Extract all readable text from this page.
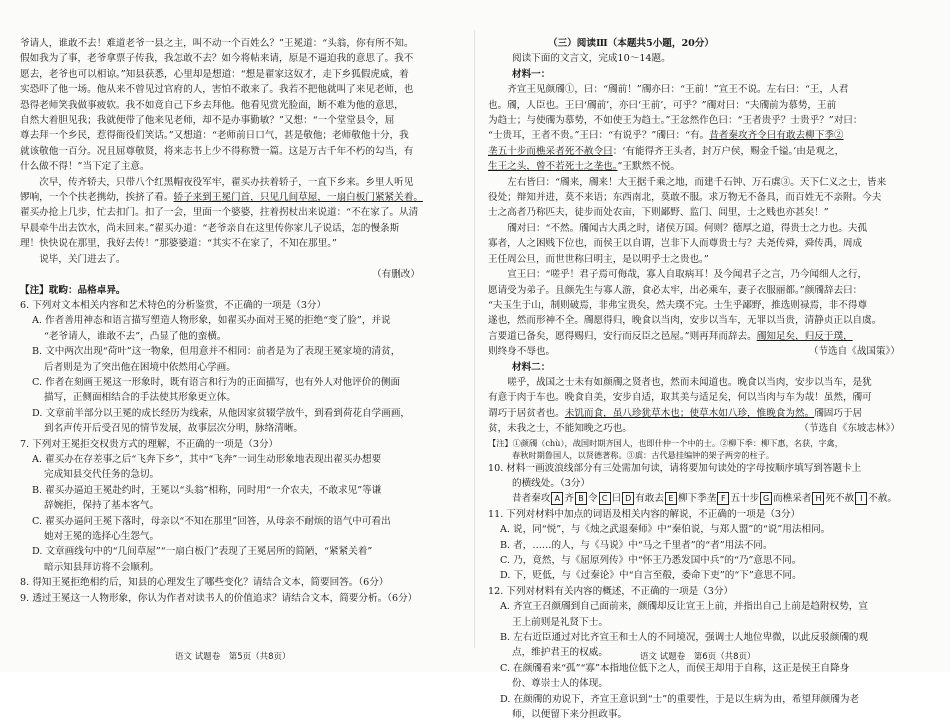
爷请人，谁敢不去！难道老爷一县之主，叫不动一个百姓么？”王冕道：“头翁，你有所不知。
假如我为了事，老爷拿票子传我，我怎敢不去？如今将帖来请，原是不逼迫我的意思了。我不
愿去，老爷也可以相谅。”知县获悉，心里却是想道：“想是翟家这奴才，走下乡狐假虎威，着
实恐吓了他一场。他从来不曾见过官府的人，害怕不敢来了。我若不把他就叫了来见老师，也
恐得老师笑我做事疲软。我不如竟自己下乡去拜他。他看见赏光脸面，断不难为他的意思，
自然大着胆见我；我就便带了他来见老师，却不是办事勤敏？”又想：“一个堂堂县令，屈
尊去拜一个乡民，惹得衙役们笑话。”又想道：“老师前日口气，甚是敬他；老师敬他十分，我
就该敬他一百分。况且屈尊敬贤，将来志书上少不得称赞一篇。这是万古千年不朽的勾当，有
什么做不得！”当下定了主意。
次早，传齐轿夫，只带八个红黑帽夜役军牢，翟买办扶着轿子，一直下乡来。乡里人听见
锣响，一个个扶老携幼，挨挤了看。轿子来到王冕门首，只见几间草屋，一扇白板门紧紧关着。
翟买办抢上几步，忙去扣门。扣了一会，里面一个婆婆，拄着拐杖出来说道：“不在家了。从清
早晨牵牛出去饮水，尚未回来。”翟买办道：“老爷亲自在这里传你家儿子说话，怎的慢条斯
理！快快说在那里，我好去传！”那婆婆道：“其实不在家了，不知在那里。”
说毕，关门进去了。
（有删改）
【注】耽畇：品格卓异。
6. 下列对文本相关内容和艺术特色的分析鉴赏，不正确的一项是（3分）
A. 作者善用神态和语言描写塑造人物形象，如翟买办面对王冕的拒绝“变了脸”，并说
“老爷请人，谁敢不去”，凸显了他的蛮横。
B. 文中两次出现“荷叶”这一物象，但用意并不相同：前者是为了表现王冕家境的清贫，
后者则是为了突出他在困境中依然用心学画。
C. 作者在刻画王冕这一形象时，既有语言和行为的正面描写，也有外人对他评价的侧面
描写，正侧面相结合的手法使其形象更立体。
D. 文章前半部分以王冕的成长经历为线索，从他因家贫辍学放牛，到看到荷花自学画画，
到名声传开后受召见的情节发展，故事层次分明，脉络清晰。
7. 下列对王冕拒交权贵方式的理解，不正确的一项是（3分）
A. 翟买办在存差事之后“飞奔下乡”，其中“飞奔”一词生动形象地表现出翟买办想要
完成知县交代任务的急切。
B. 翟买办逼迫王冕赴约时，王冕以“头翁”相称，同时用“一介农夫，不敢求见”等谦
辞婉拒，保持了基本客气。
C. 翟买办逼问王冕下落时，母亲以“不知在那里”回答，从母亲不耐烦的语气中可看出
她对王冕的选择心生怨气。
D. 文章画线句中的“几间草屋”“一扇白板门”表现了王冕居所的简陋，“紧紧关着”
暗示知县拜访将不会顺利。
8. 得知王冕拒绝相约后，知县的心理发生了哪些变化？请结合文本，简要回答。（6分）
9. 透过王冕这一人物形象，你认为作者对读书人的价值追求？请结合文本，简要分析。（6分）
语文 试题卷　第5页（共8页）
（三）阅读Ⅲ（本题共5小题，20分）
阅读下面的文言文，完成10～14题。
材料一：
齐宣王见颜斶①，曰：“斶前！”斶亦曰：“王前！”宣王不说。左右曰：“王，人君
也。斶，人臣也。王曰‘斶前’，亦曰‘王前’，可乎？”斶对曰：“夫斶前为慕势，王前
为趋士；与使斶为慕势，不如使王为趋士。”王忿然作色曰：“王者贵乎？士贵乎？”对曰：
“士贵耳，王者不贵。”王曰：“有说乎？”斶曰：“有。昔者秦攻齐令曰有敢去柳下季②
垄五十步而樵采者死不赦令曰：‘有能得齐王头者，封万户侯，赐金千镒。’由是观之，
生王之头，曾不若死士之垄也。”王默然不悦。
左右皆曰：“斶来，斶来！大王据千乘之地，而建千石钟、万石虡③。天下仁义之士，皆来
役处；辩知并进，莫不来语；东西南北，莫敢不服。求万物无不备具，而百姓无不亲附。今夫
士之高者乃称匹夫，徒步而处农亩，下则鄙野、监门、闾里，士之贱也亦甚矣！”
斶对曰：“不然。斶闻古大禹之时，诸侯万国。何则？德厚之道，得贵士之力也。夫孤
寡者，人之困贱下位也，而侯王以自谓，岂非下人而尊贵士与？夫尧传舜，舜传禹，周成
王任周公旦，而世世称曰明主，是以明乎士之贵也。”
宣王曰：“嗟乎！君子焉可侮哉，寡人自取病耳！及今闻君子之言，乃今闻细人之行，
愿请受为弟子。且颜先生与寡人游，食必太牢，出必乘车，妻子衣服丽都。”颜斶辞去曰：
“夫玉生于山，制则破焉，非弗宝贵矣，然夫璞不完。士生乎鄙野，推选则禄焉，非不得尊
遂也，然而形神不全。斶愿得归，晚食以当肉，安步以当车，无罪以当贵，清静贞正以自虞。
言要道已备矣，愿得赐归，安行而反臣之邑屋。”则再拜而辞去。斶知足矣，归反于璞，
则终身不辱也。	（节选自《战国策》）
材料二：
嗟乎，战国之士未有如颜斶之贤者也，然而未闻道也。晚食以当肉，安步以当车，是犹
有意于肉于车也。晚食自美，安步自适，取其美与适足矣，何以当肉与车为哉！虽然，斶可
谓巧于居贫者也。未饥而食，虽八珍犹草木也；使草木如八珍，惟晚食为然。斶固巧于居
贫，未我之士，不能知晚之巧也。	（节选自《东坡志林》）
【注】①颜斶（chù），战国时期齐国人，也即什仲一个中的士。②柳下季：柳下惠，名获，字禽，
春秋时期鲁国人，以贤德著称。③虡：古代悬挂编钟的架子两旁的柱子。
10. 材料一画波浪线部分有三处需加句读，请将要加句读处的字母按顺序填写到答题卡上
的横线处。（3分）
昔者秦攻 A 齐 B 令 C 曰 D 有敢去 E 柳下季垄 F 五十步 G 而樵采者 H 死不赦 I 不赦。
11. 下列对材料中加点的词语及相关内容的解说，不正确的一项是（3分）
A. 说，同“悦”，与《烛之武退秦师》中“秦伯说，与郑人盟”的“说”用法相同。
B. 者，……的人，与《马说》中“马之千里者”的“者”用法不同。
C. 乃，竟然，与《屈原列传》中“怀王乃悉发国中兵”的“乃”意思不同。
D. 下，贬低，与《过秦论》中“自言至殽，委命下吏”的“下”意思不同。
12. 下列对材料有关内容的概述，不正确的一项是（3分）
A. 齐宣王召颜斶到自己面前来，颜斶却反让宣王上前，并指出自己上前是趋附权势，宣
王上前则是礼贤下士。
B. 左右近臣通过对比齐宣王和士人的不同境况，强调士人地位卑微，以此反驳颜斶的观
点，维护君王的权威。
C. 在颜斶看来“孤”“寡”本指地位低下之人，而侯王却用于自称，这正是侯王自降身
份、尊崇士人的体现。
D. 在颜斶的劝说下，齐宣王意识到“士”的重要性，于是以生病为由，希望拜颜斶为老
师，以便留下来分担政事。
语文 试题卷　第6页（共8页）
